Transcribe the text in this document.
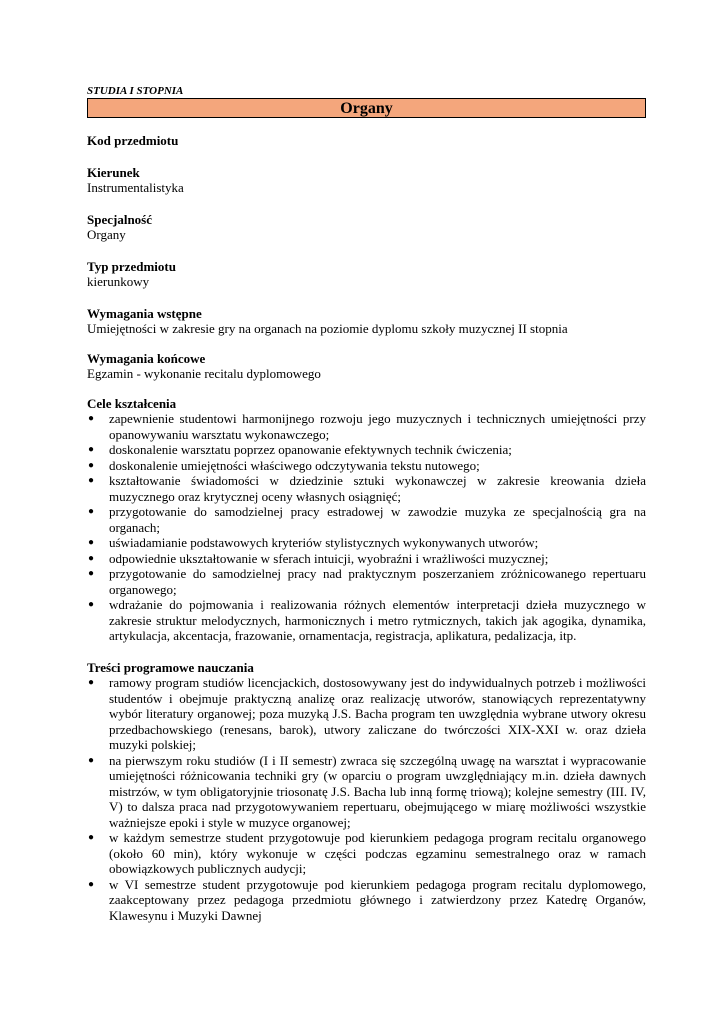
STUDIA I STOPNIA
Organy
Kod przedmiotu
Kierunek
Instrumentalistyka
Specjalność
Organy
Typ przedmiotu
kierunkowy
Wymagania wstępne
Umiejętności w zakresie gry na organach na poziomie dyplomu szkoły muzycznej II stopnia
Wymagania końcowe
Egzamin - wykonanie recitalu dyplomowego
Cele kształcenia
● zapewnienie studentowi harmonijnego rozwoju jego muzycznych i technicznych umiejętności przy opanowywaniu warsztatu wykonawczego;
● doskonalenie warsztatu poprzez opanowanie efektywnych technik ćwiczenia;
● doskonalenie umiejętności właściwego odczytywania tekstu nutowego;
● kształtowanie świadomości w dziedzinie sztuki wykonawczej w zakresie kreowania dzieła muzycznego oraz krytycznej oceny własnych osiągnięć;
● przygotowanie do samodzielnej pracy estradowej w zawodzie muzyka ze specjalnością gra na organach;
● uświadamianie podstawowych kryteriów stylistycznych wykonywanych utworów;
● odpowiednie ukształtowanie w sferach intuicji, wyobraźni i wrażliwości muzycznej;
● przygotowanie do samodzielnej pracy nad praktycznym poszerzaniem zróżnicowanego repertuaru organowego;
● wdrażanie do pojmowania i realizowania różnych elementów interpretacji dzieła muzycznego w zakresie struktur melodycznych, harmonicznych i metro rytmicznych, takich jak agogika, dynamika, artykulacja, akcentacja, frazowanie, ornamentacja, registracja, aplikatura, pedalizacja, itp.
Treści programowe nauczania
● ramowy program studiów licencjackich, dostosowywany jest do indywidualnych potrzeb i możliwości studentów i obejmuje praktyczną analizę oraz realizację utworów, stanowiących reprezentatywny wybór literatury organowej; poza muzyką J.S. Bacha program ten uwzględnia wybrane utwory okresu przedbachowskiego (renesans, barok), utwory zaliczane do twórczości XIX-XXI w. oraz dzieła muzyki polskiej;
● na pierwszym roku studiów (I i II semestr) zwraca się szczególną uwagę na warsztat i wypracowanie umiejętności różnicowania techniki gry (w oparciu o program uwzględniający m.in. dzieła dawnych mistrzów, w tym obligatoryjnie triosonatę J.S. Bacha lub inną formę triową); kolejne semestry (III. IV, V) to dalsza praca nad przygotowywaniem repertuaru, obejmującego w miarę możliwości wszystkie ważniejsze epoki i style w muzyce organowej;
● w każdym semestrze student przygotowuje pod kierunkiem pedagoga program recitalu organowego (około 60 min), który wykonuje w części podczas egzaminu semestralnego oraz w ramach obowiązkowych publicznych audycji;
● w VI semestrze student przygotowuje pod kierunkiem pedagoga program recitalu dyplomowego, zaakceptowany przez pedagoga przedmiotu głównego i zatwierdzony przez Katedrę Organów, Klawesynu i Muzyki Dawnej
